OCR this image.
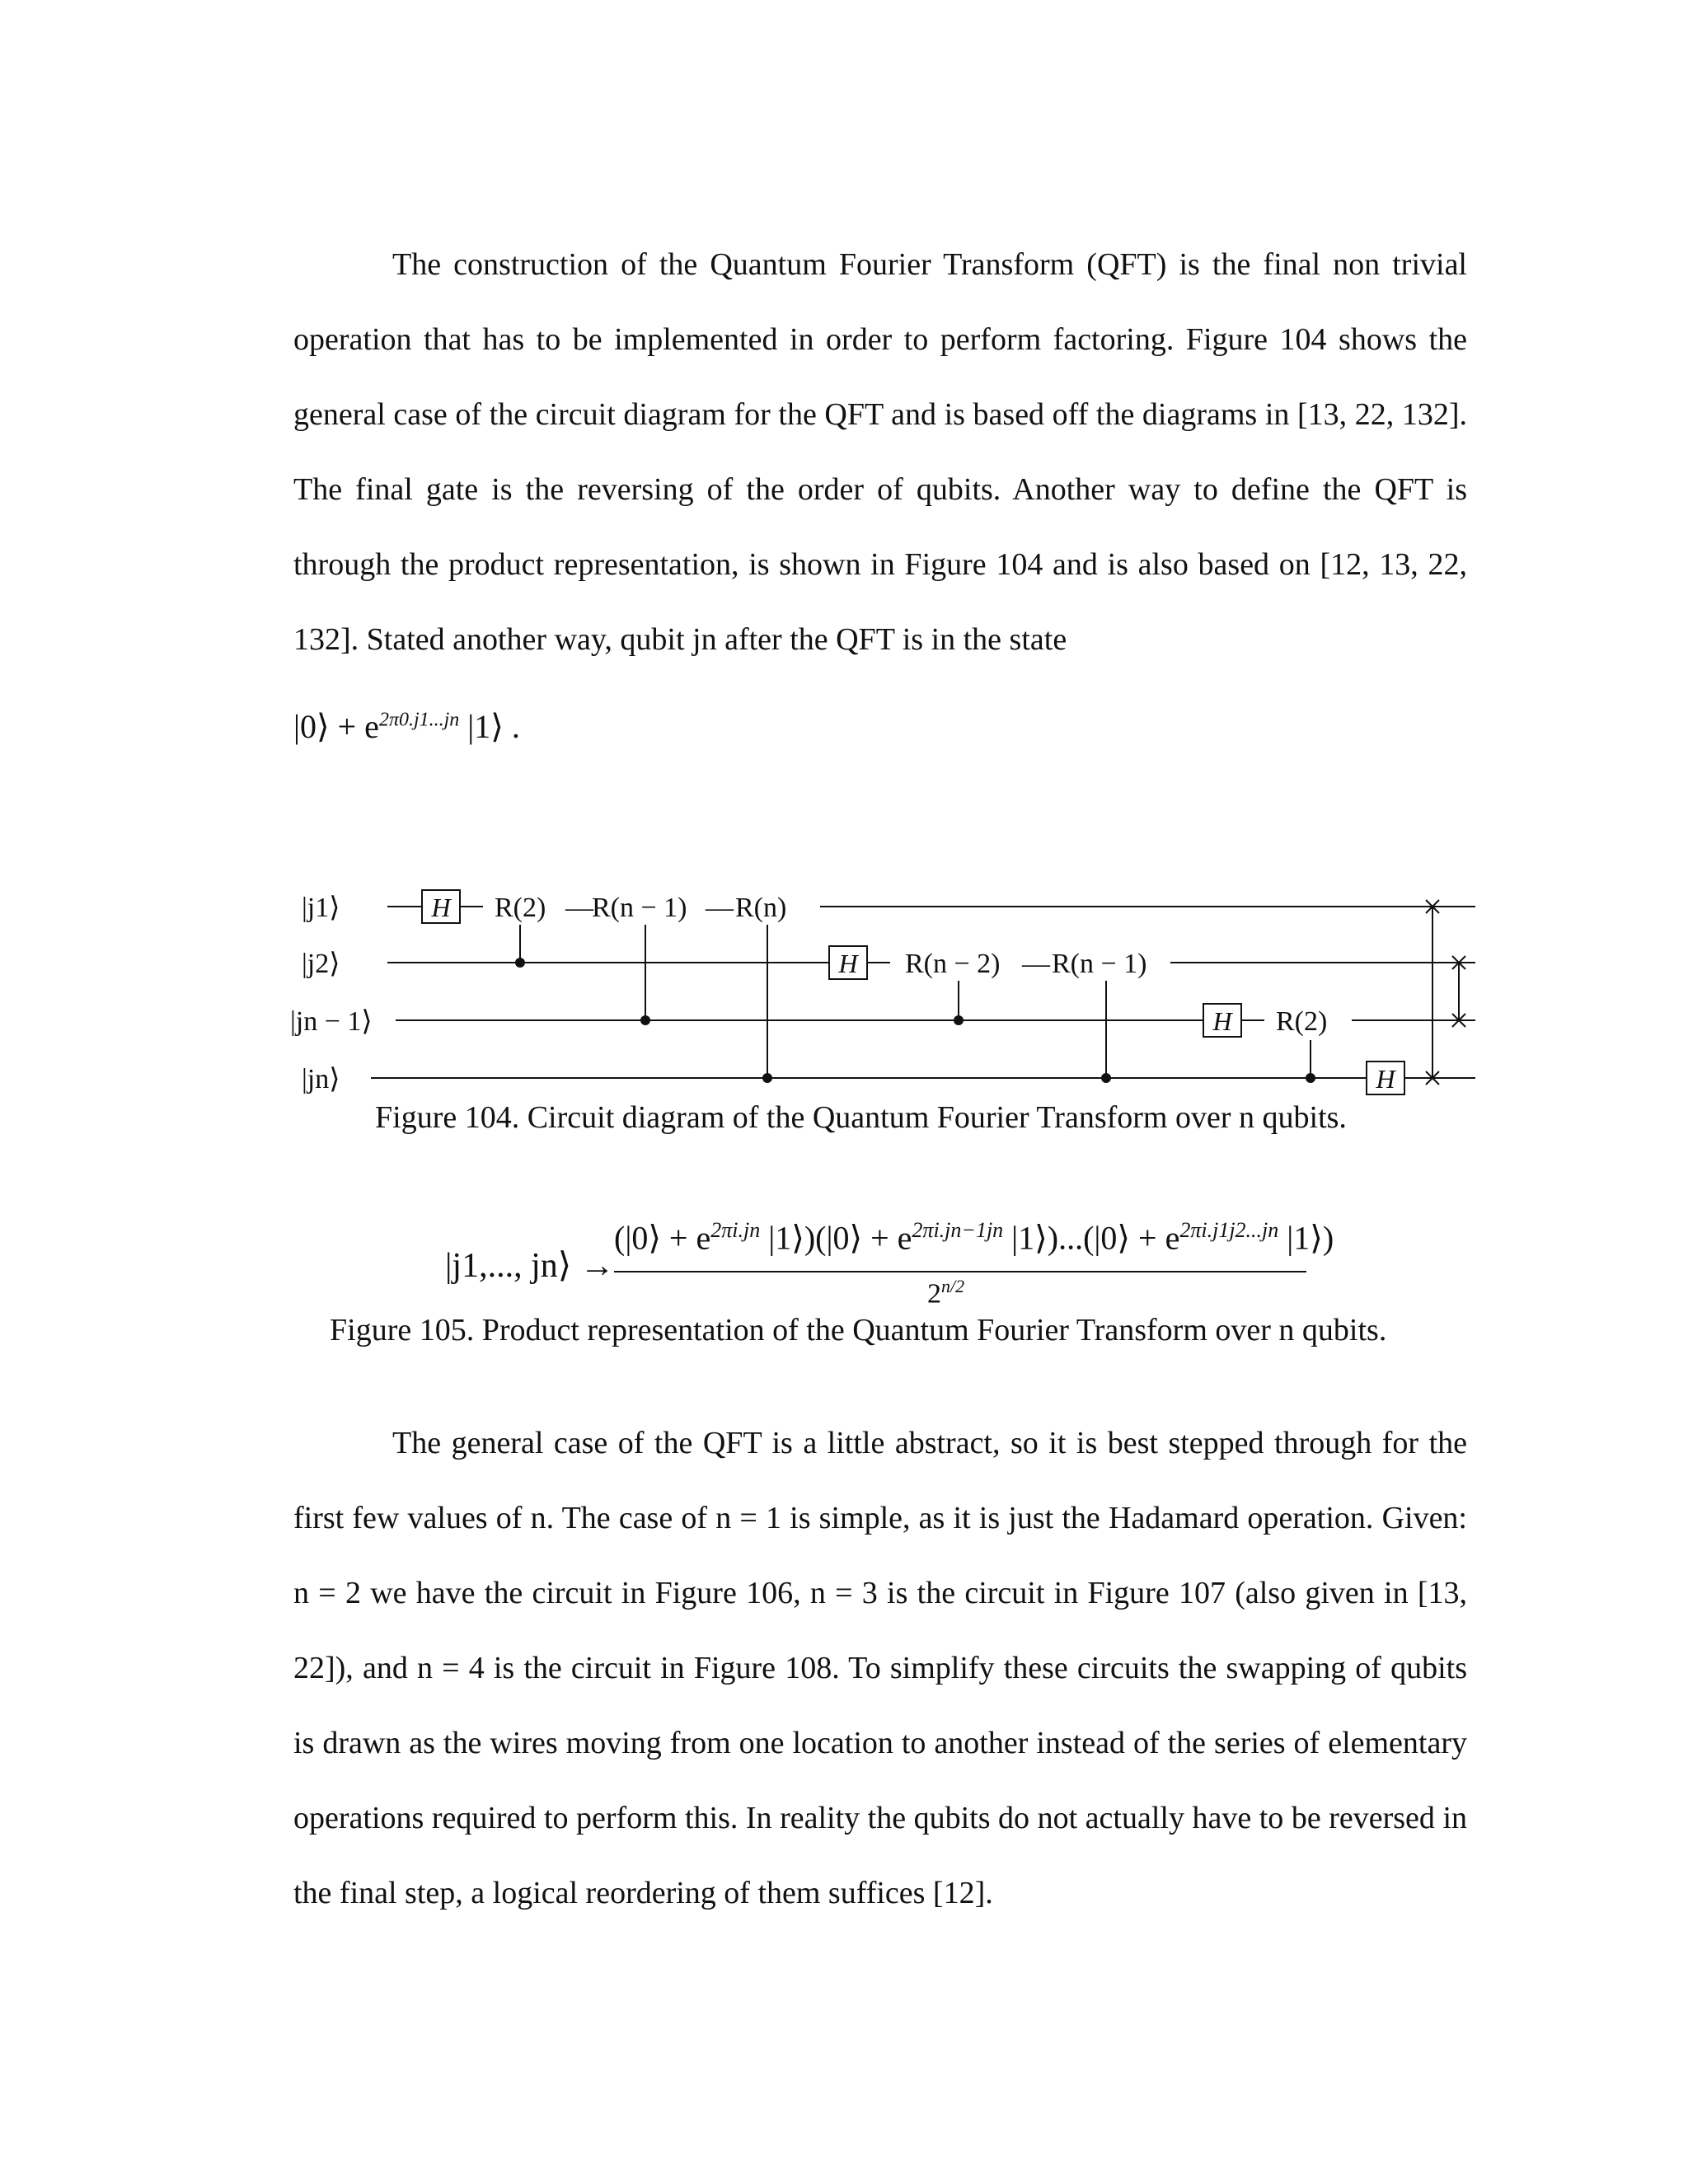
The construction of the Quantum Fourier Transform (QFT) is the final non trivial operation that has to be implemented in order to perform factoring. Figure 104 shows the general case of the circuit diagram for the QFT and is based off the diagrams in [13, 22, 132]. The final gate is the reversing of the order of qubits. Another way to define the QFT is through the product representation, is shown in Figure 104 and is also based on [12, 13, 22, 132]. Stated another way, qubit jn after the QFT is in the state

|0⟩ + $e^{2\pi 0.j1...jn}$ |1⟩ .
|j1⟩
|j2⟩
|jn − 1⟩
|jn⟩
H
H
H
H
R(2) —
R(n − 1) — R(n)
R(n − 2) — R(n − 1)
R(2)

Figure 104. Circuit diagram of the Quantum Fourier Transform over n qubits.

|j1,..., jn⟩ →
(|0⟩ + $e^{2\pi i.jn}$ |1⟩)(|0⟩ + $e^{2\pi i.jn-1jn}$ |1⟩)...(|0⟩ + $e^{2\pi i.j1j2...jn}$ |1⟩)
$2^{n/2}$

Figure 105. Product representation of the Quantum Fourier Transform over n qubits.

The general case of the QFT is a little abstract, so it is best stepped through for the first few values of n. The case of n = 1 is simple, as it is just the Hadamard operation. Given: n = 2 we have the circuit in Figure 106, n = 3 is the circuit in Figure 107 (also given in [13, 22]), and n = 4 is the circuit in Figure 108. To simplify these circuits the swapping of qubits is drawn as the wires moving from one location to another instead of the series of elementary operations required to perform this. In reality the qubits do not actually have to be reversed in the final step, a logical reordering of them suffices [12].
